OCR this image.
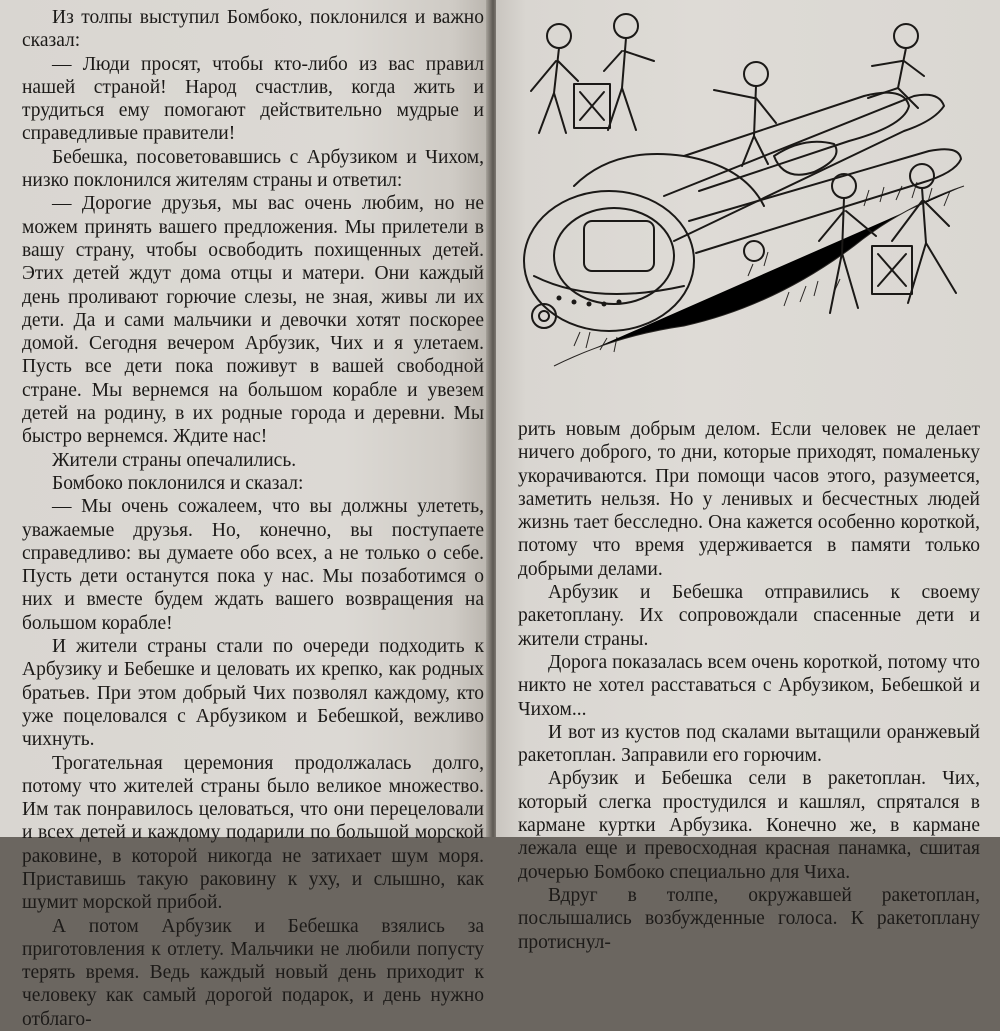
Из толпы выступил Бомбоко, поклонился и важно сказал:

— Люди просят, чтобы кто-либо из вас правил нашей страной! Народ счастлив, когда жить и трудиться ему помогают действительно мудрые и справедливые правители!

Бебешка, посоветовавшись с Арбузиком и Чихом, низко поклонился жителям страны и ответил:

— Дорогие друзья, мы вас очень любим, но не можем принять вашего предложения. Мы прилетели в вашу страну, чтобы освободить похищенных детей. Этих детей ждут дома отцы и матери. Они каждый день проливают горючие слезы, не зная, живы ли их дети. Да и сами мальчики и девочки хотят поскорее домой. Сегодня вечером Арбузик, Чих и я улетаем. Пусть все дети пока поживут в вашей свободной стране. Мы вернемся на большом корабле и увезем детей на родину, в их родные города и деревни. Мы быстро вернемся. Ждите нас!

Жители страны опечалились.

Бомбоко поклонился и сказал:

— Мы очень сожалеем, что вы должны улететь, уважаемые друзья. Но, конечно, вы поступаете справедливо: вы думаете обо всех, а не только о себе. Пусть дети останутся пока у нас. Мы позаботимся о них и вместе будем ждать вашего возвращения на большом корабле!

И жители страны стали по очереди подходить к Арбузику и Бебешке и целовать их крепко, как родных братьев. При этом добрый Чих позволял каждому, кто уже поцеловался с Арбузиком и Бебешкой, вежливо чихнуть.

Трогательная церемония продолжалась долго, потому что жителей страны было великое множество. Им так понравилось целоваться, что они перецеловали и всех детей и каждому подарили по большой морской раковине, в которой никогда не затихает шум моря. Приставишь такую раковину к уху, и слышно, как шумит морской прибой.

А потом Арбузик и Бебешка взялись за приготовления к отлету. Мальчики не любили попусту терять время. Ведь каждый новый день приходит к человеку как самый дорогой подарок, и день нужно отблаго-

рить новым добрым делом. Если человек не делает ничего доброго, то дни, которые приходят, помаленьку укорачиваются. При помощи часов этого, разумеется, заметить нельзя. Но у ленивых и бесчестных людей жизнь тает бесследно. Она кажется особенно короткой, потому что время удерживается в памяти только добрыми делами.

Арбузик и Бебешка отправились к своему ракетоплану. Их сопровождали спасенные дети и жители страны.

Дорога показалась всем очень короткой, потому что никто не хотел расставаться с Арбузиком, Бебешкой и Чихом...

И вот из кустов под скалами вытащили оранжевый ракетоплан. Заправили его горючим.

Арбузик и Бебешка сели в ракетоплан. Чих, который слегка простудился и кашлял, спрятался в кармане куртки Арбузика. Конечно же, в кармане лежала еще и превосходная красная панамка, сшитая дочерью Бомбоко специально для Чиха.

Вдруг в толпе, окружавшей ракетоплан, послышались возбужденные голоса. К ракетоплану протиснул-
